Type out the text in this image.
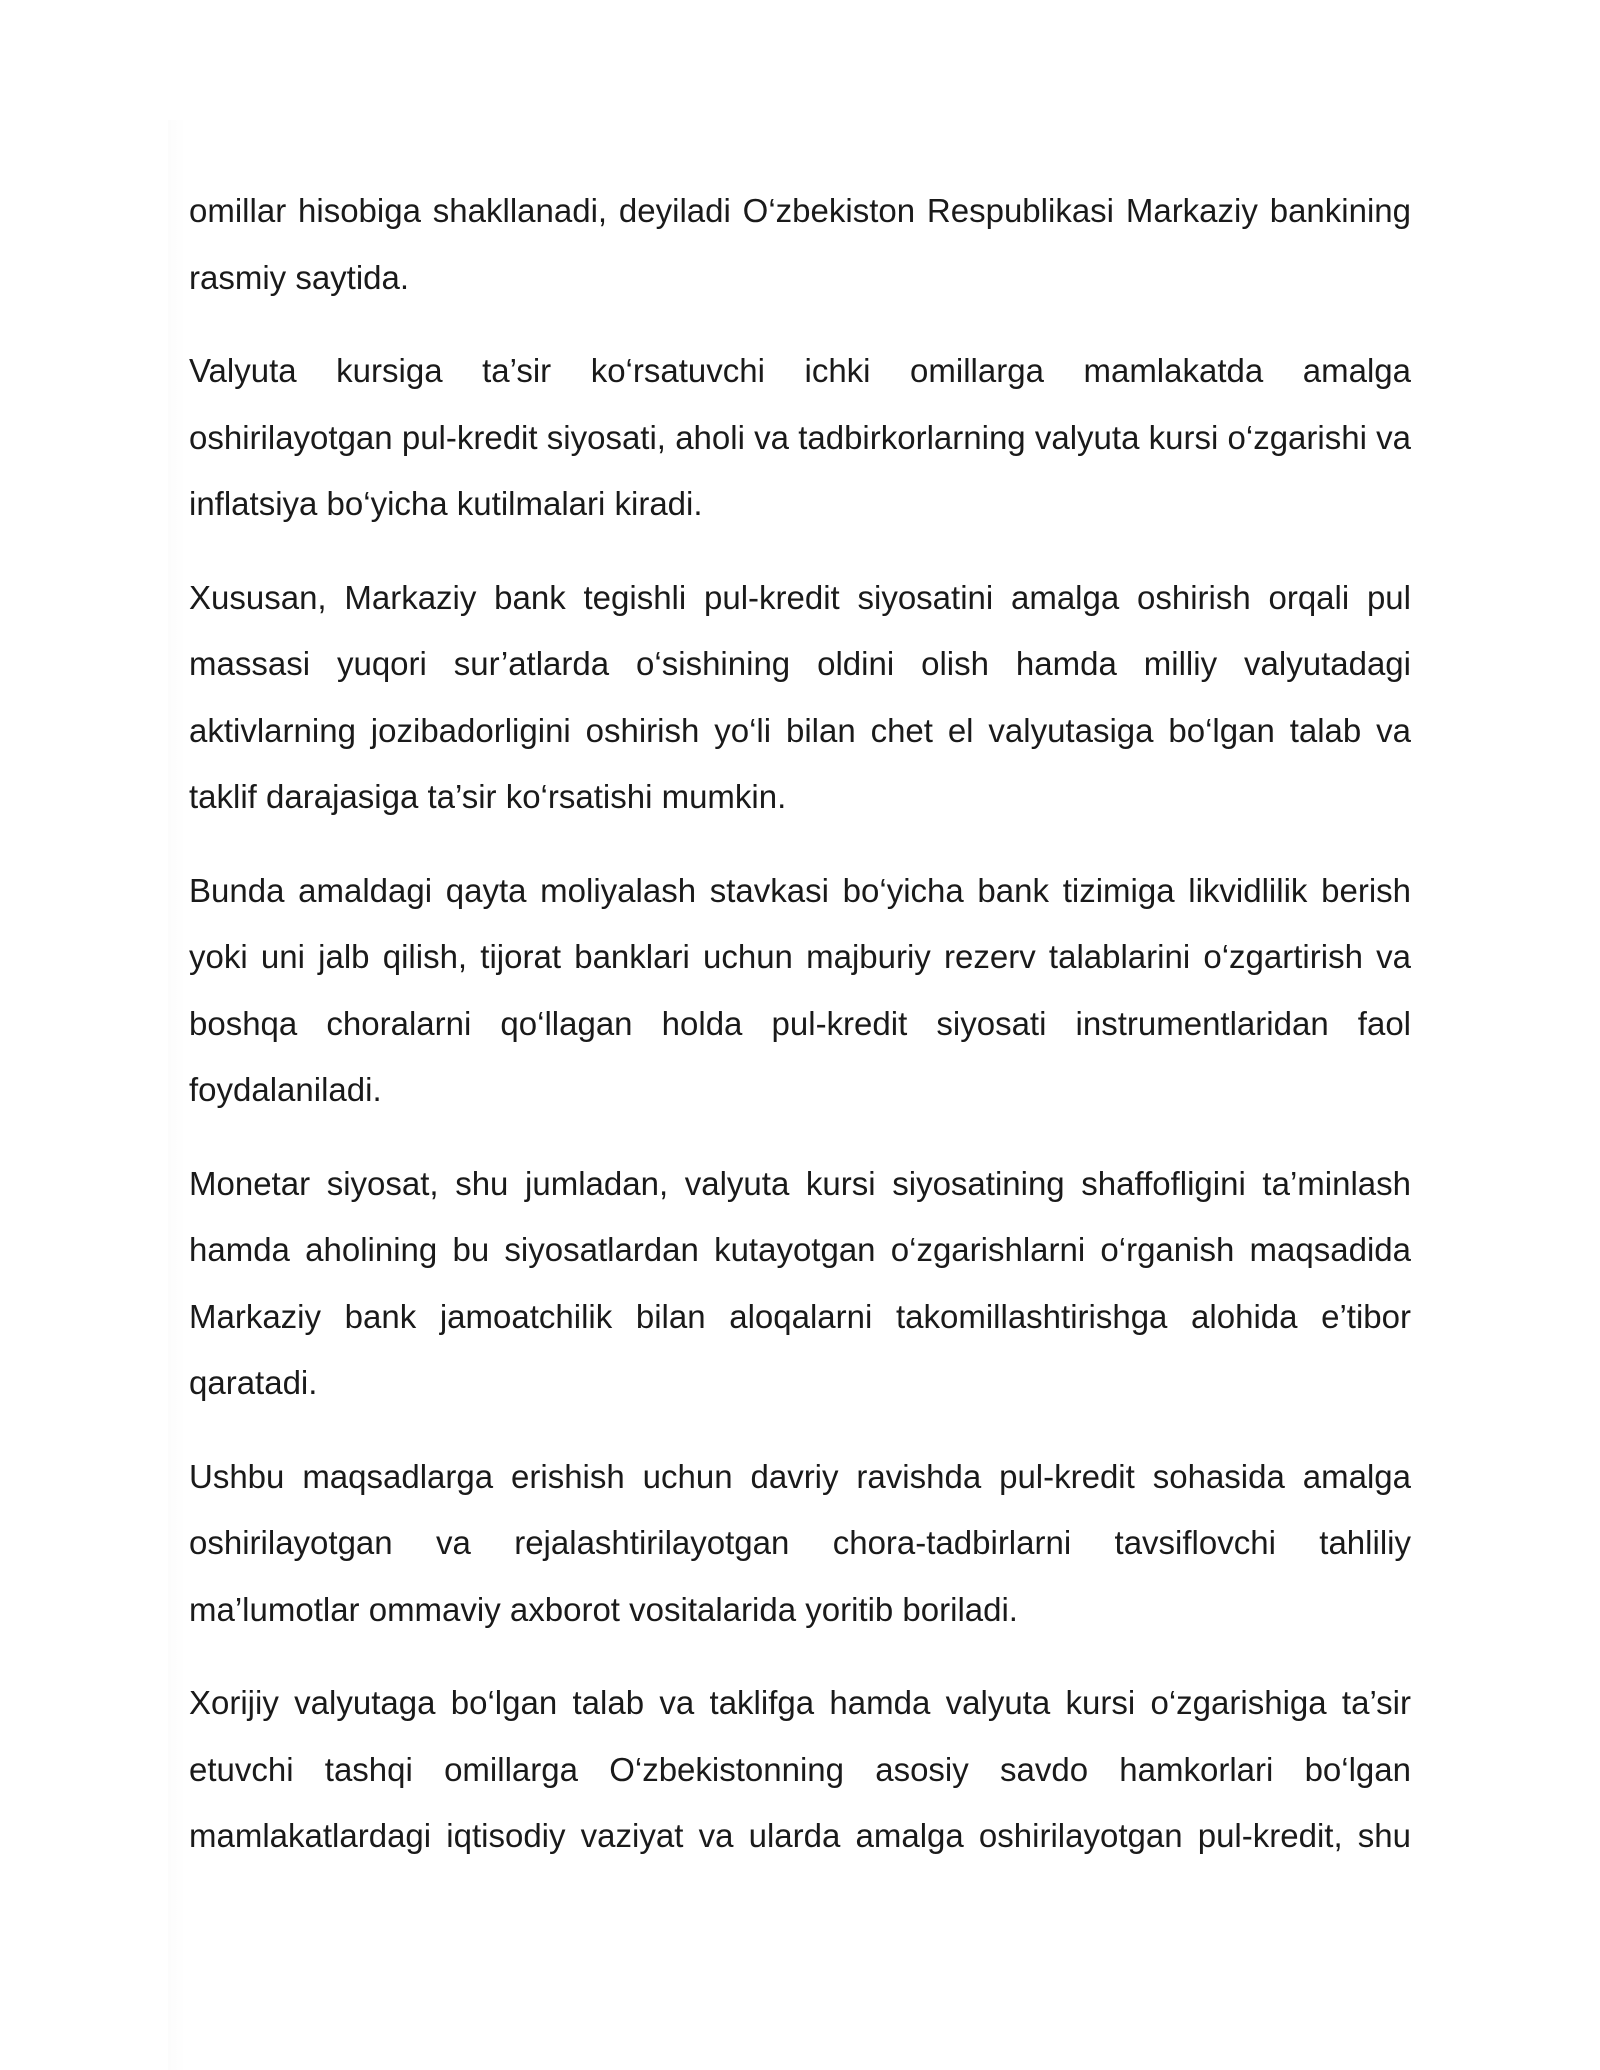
omillar hisobiga shakllanadi, deyiladi O‘zbekiston Respublikasi Markaziy bankining rasmiy saytida.

Valyuta kursiga ta’sir ko‘rsatuvchi ichki omillarga mamlakatda amalga oshirilayotgan pul-kredit siyosati, aholi va tadbirkorlarning valyuta kursi o‘zgarishi va inflatsiya bo‘yicha kutilmalari kiradi.

Xususan, Markaziy bank tegishli pul-kredit siyosatini amalga oshirish orqali pul massasi yuqori sur’atlarda o‘sishining oldini olish hamda milliy valyutadagi aktivlarning jozibadorligini oshirish yo‘li bilan chet el valyutasiga bo‘lgan talab va taklif darajasiga ta’sir ko‘rsatishi mumkin.

Bunda amaldagi qayta moliyalash stavkasi bo‘yicha bank tizimiga likvidlilik berish yoki uni jalb qilish, tijorat banklari uchun majburiy rezerv talablarini o‘zgartirish va boshqa choralarni qo‘llagan holda pul-kredit siyosati instrumentlaridan faol foydalaniladi.

Monetar siyosat, shu jumladan, valyuta kursi siyosatining shaffofligini ta’minlash hamda aholining bu siyosatlardan kutayotgan o‘zgarishlarni o‘rganish maqsadida Markaziy bank jamoatchilik bilan aloqalarni takomillashtirishga alohida e’tibor qaratadi.

Ushbu maqsadlarga erishish uchun davriy ravishda pul-kredit sohasida amalga oshirilayotgan va rejalashtirilayotgan chora-tadbirlarni tavsiflovchi tahliliy ma’lumotlar ommaviy axborot vositalarida yoritib boriladi.

Xorijiy valyutaga bo‘lgan talab va taklifga hamda valyuta kursi o‘zgarishiga ta’sir etuvchi tashqi omillarga O‘zbekistonning asosiy savdo hamkorlari bo‘lgan mamlakatlardagi iqtisodiy vaziyat va ularda amalga oshirilayotgan pul-kredit, shu
